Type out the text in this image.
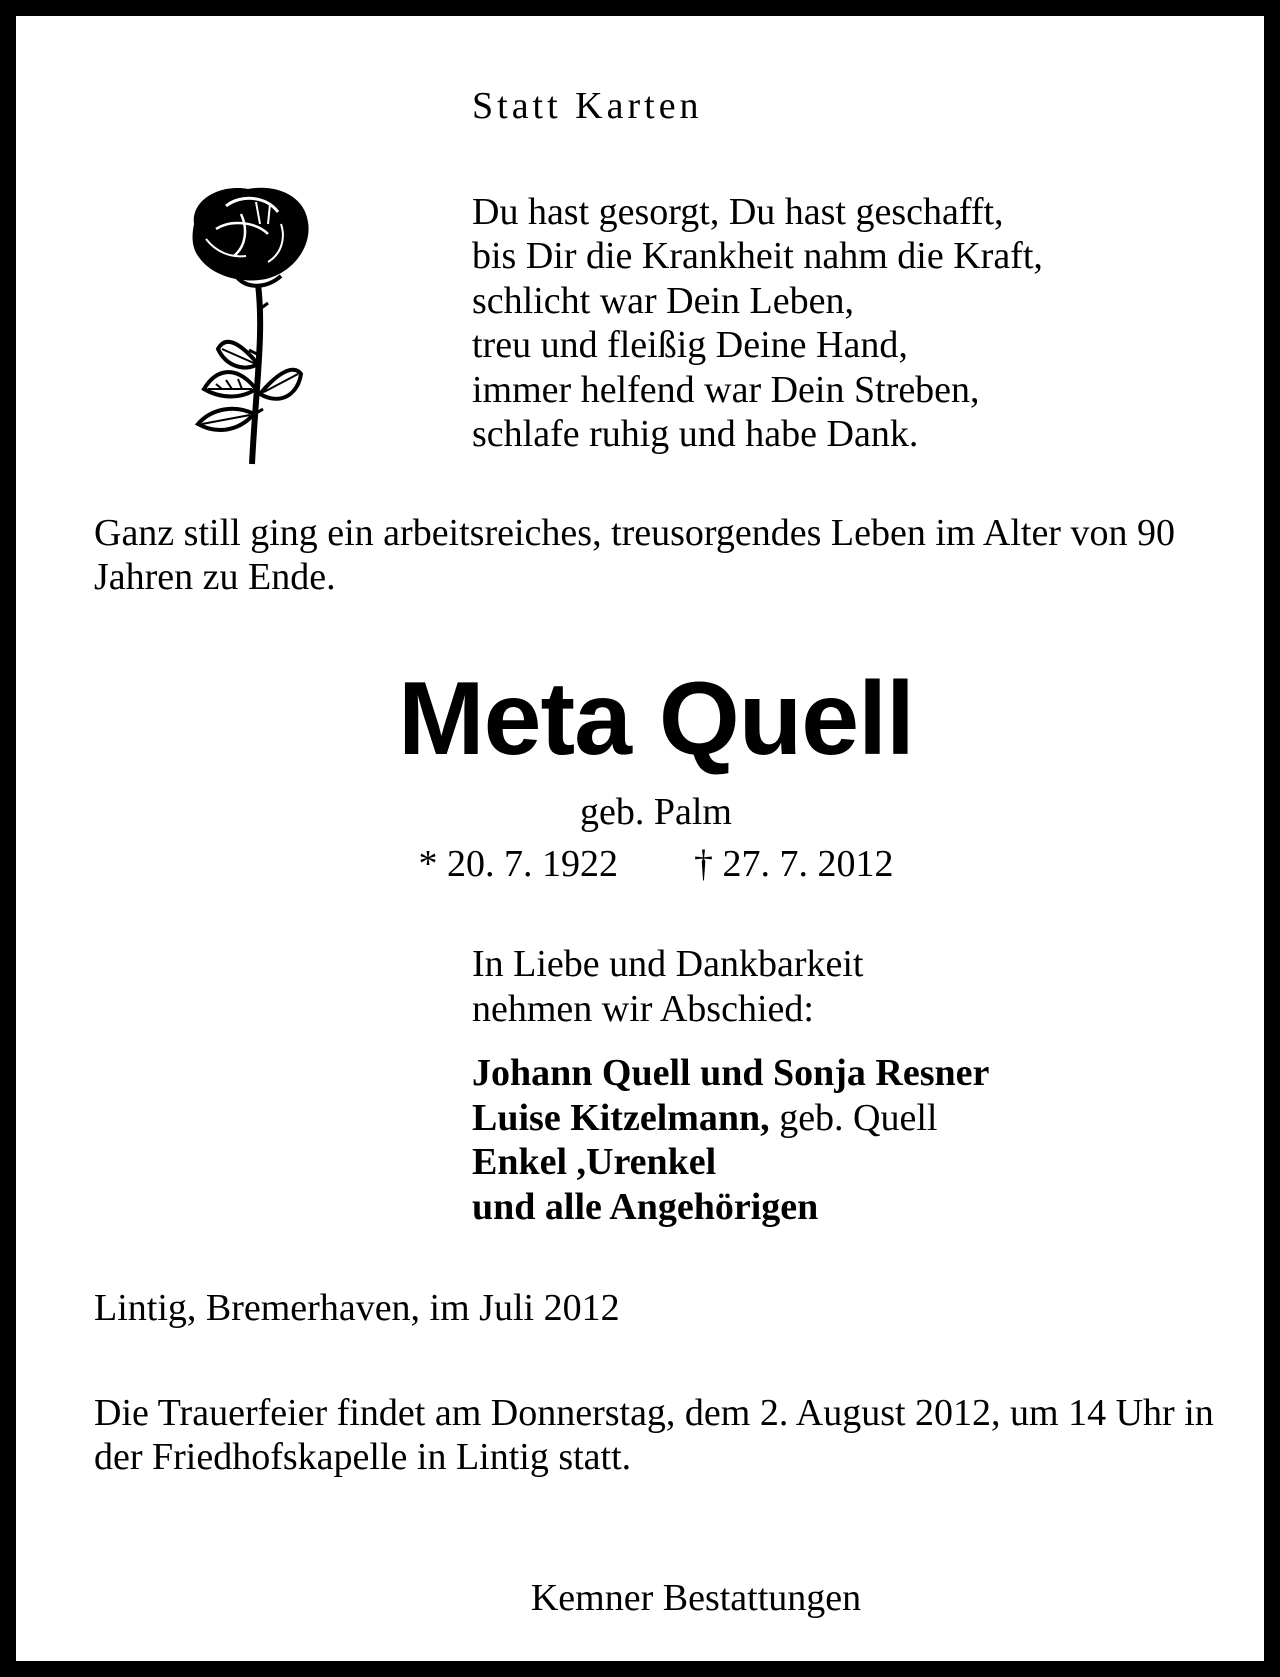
Statt Karten

Du hast gesorgt, Du hast geschafft,
bis Dir die Krankheit nahm die Kraft,
schlicht war Dein Leben,
treu und fleißig Deine Hand,
immer helfend war Dein Streben,
schlafe ruhig und habe Dank.

Ganz still ging ein arbeitsreiches, treusorgendes Leben im Alter von 90 Jahren zu Ende.

Meta Quell

geb. Palm

* 20. 7. 1922 † 27. 7. 2012

In Liebe und Dankbarkeit
nehmen wir Abschied:
Johann Quell und Sonja Resner
Luise Kitzelmann, geb. Quell
Enkel ,Urenkel
und alle Angehörigen

Lintig, Bremerhaven, im Juli 2012

Die Trauerfeier findet am Donnerstag, dem 2. August 2012, um 14 Uhr in der Friedhofskapelle in Lintig statt.

Kemner Bestattungen
